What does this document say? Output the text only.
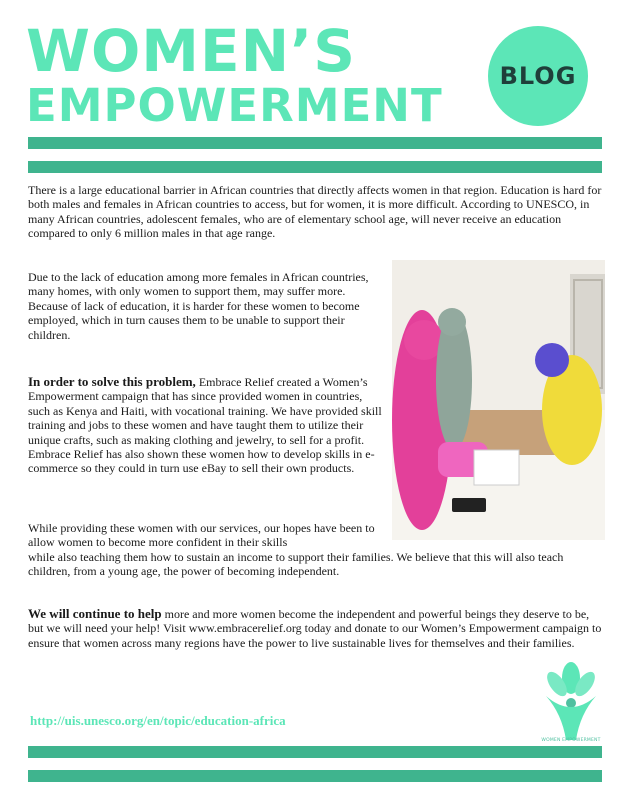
WOMEN’S
EMPOWERMENT
BLOG

There is a large educational barrier in African countries that directly affects women in that region. Education is hard for both males and females in African countries to access, but for women, it is more difficult. According to UNESCO, in many African countries, adolescent females, who are of elementary school age, will never receive an education compared to only 6 million males in that age range.

Due to the lack of education among more females in African countries, many homes, with only women to support them, may suffer more. Because of lack of education, it is harder for these women to become employed, which in turn causes them to be unable to support their children.

In order to solve this problem, Embrace Relief created a Women’s Empowerment campaign that has since provided women in countries, such as Kenya and Haiti, with vocational training. We have provided skill training and jobs to these women and have taught them to utilize their unique crafts, such as making clothing and jewelry, to sell for a profit. Embrace Relief has also shown these women how to develop skills in e-commerce so they could in turn use eBay to sell their own products.

While providing these women with our services, our hopes have been to allow women to become more confident in their skills

while also teaching them how to sustain an income to support their families. We believe that this will also teach children, from a young age, the power of becoming independent.

We will continue to help more and more women become the independent and powerful beings they deserve to be, but we will need your help! Visit www.embracerelief.org today and donate to our Women’s Empowerment campaign to ensure that women across many regions have the power to live sustainable lives for themselves and their families.

http://uis.unesco.org/en/topic/education-africa

WOMEN EMPOWERMENT
